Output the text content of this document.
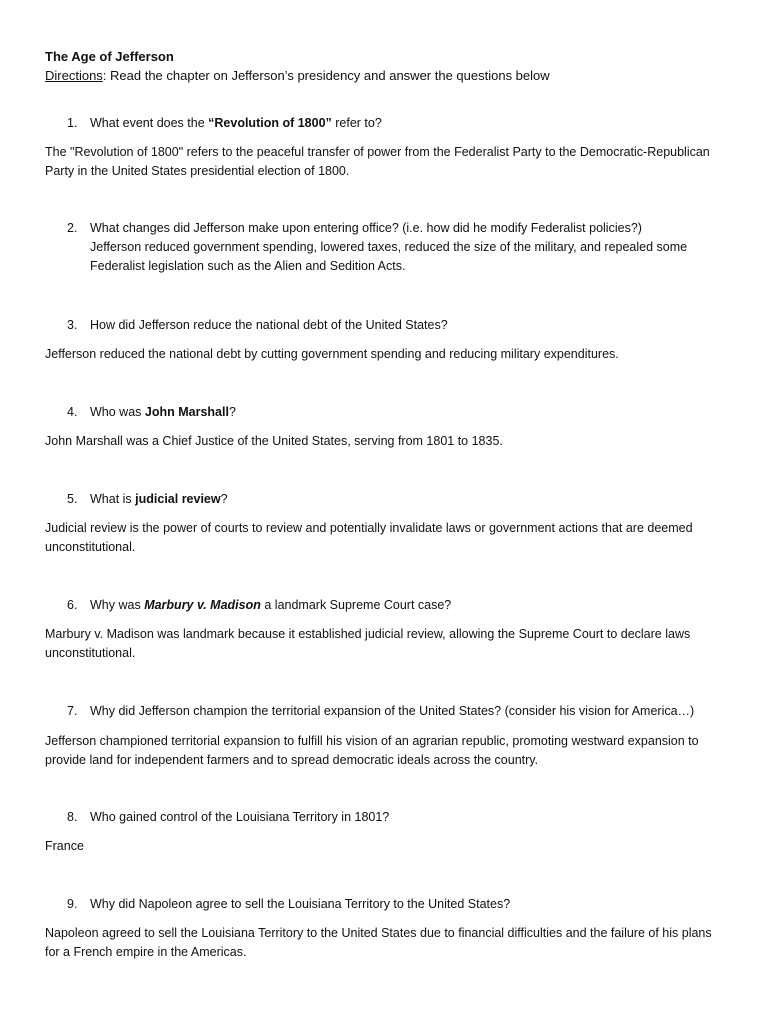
The Age of Jefferson
Directions: Read the chapter on Jefferson’s presidency and answer the questions below
1. What event does the “Revolution of 1800” refer to?
The "Revolution of 1800" refers to the peaceful transfer of power from the Federalist Party to the Democratic-Republican Party in the United States presidential election of 1800.
2. What changes did Jefferson make upon entering office? (i.e. how did he modify Federalist policies?)
Jefferson reduced government spending, lowered taxes, reduced the size of the military, and repealed some Federalist legislation such as the Alien and Sedition Acts.
3. How did Jefferson reduce the national debt of the United States?
Jefferson reduced the national debt by cutting government spending and reducing military expenditures.
4. Who was John Marshall?
John Marshall was a Chief Justice of the United States, serving from 1801 to 1835.
5. What is judicial review?
Judicial review is the power of courts to review and potentially invalidate laws or government actions that are deemed unconstitutional.
6. Why was Marbury v. Madison a landmark Supreme Court case?
Marbury v. Madison was landmark because it established judicial review, allowing the Supreme Court to declare laws unconstitutional.
7. Why did Jefferson champion the territorial expansion of the United States? (consider his vision for America…)
Jefferson championed territorial expansion to fulfill his vision of an agrarian republic, promoting westward expansion to provide land for independent farmers and to spread democratic ideals across the country.
8. Who gained control of the Louisiana Territory in 1801?
France
9. Why did Napoleon agree to sell the Louisiana Territory to the United States?
Napoleon agreed to sell the Louisiana Territory to the United States due to financial difficulties and the failure of his plans for a French empire in the Americas.
